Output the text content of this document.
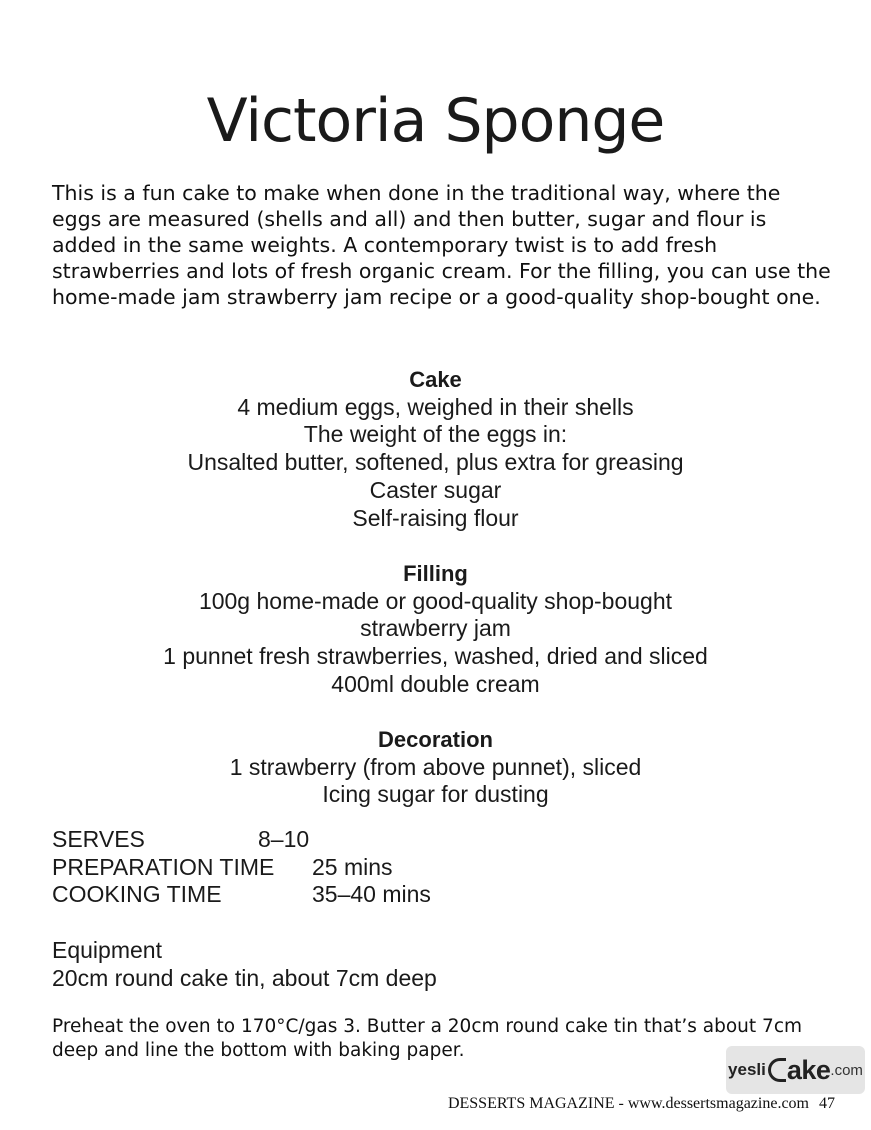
Victoria Sponge

This is a fun cake to make when done in the traditional way, where the eggs are measured (shells and all) and then butter, sugar and flour is added in the same weights. A contemporary twist is to add fresh strawberries and lots of fresh organic cream. For the filling, you can use the home-made jam strawberry jam recipe or a good-quality shop-bought one.

Cake

4 medium eggs, weighed in their shells

The weight of the eggs in:

Unsalted butter, softened, plus extra for greasing

Caster sugar

Self-raising flour

Filling

100g home-made or good-quality shop-bought

strawberry jam

1 punnet fresh strawberries, washed, dried and sliced

400ml double cream

Decoration

1 strawberry (from above punnet), sliced

Icing sugar for dusting

SERVES	8–10
PREPARATION TIME 25 mins
COOKING TIME	35–40 mins

Equipment

20cm round cake tin, about 7cm deep

Preheat the oven to 170°C/gas 3. Butter a 20cm round cake tin that’s about 7cm deep and line the bottom with baking paper.

yesli ake .com
DESSERTS MAGAZINE - www.dessertsmagazine.com 47
